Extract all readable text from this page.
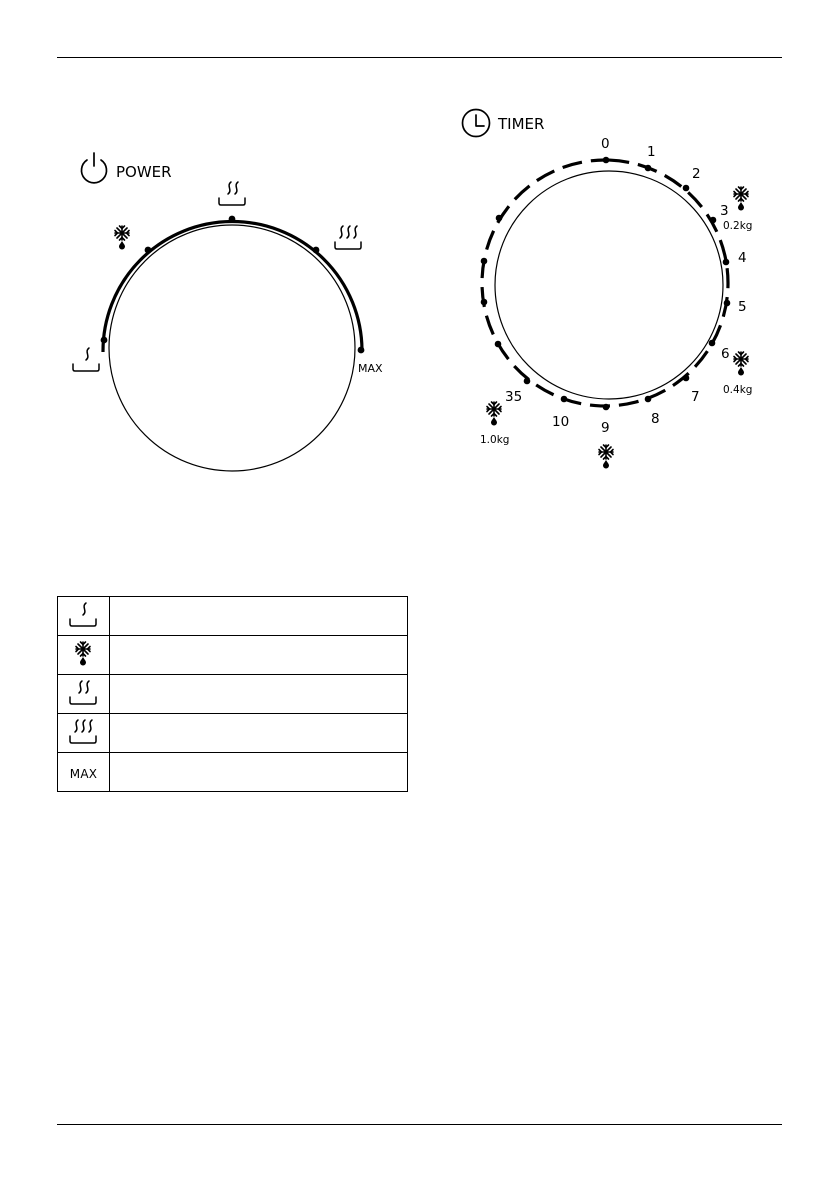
POWER
MAX
TIMER
0	1
2
3
4
5
6
7
8
9
10
35
0.2kg
0.4kg
1.0kg

MAX	
